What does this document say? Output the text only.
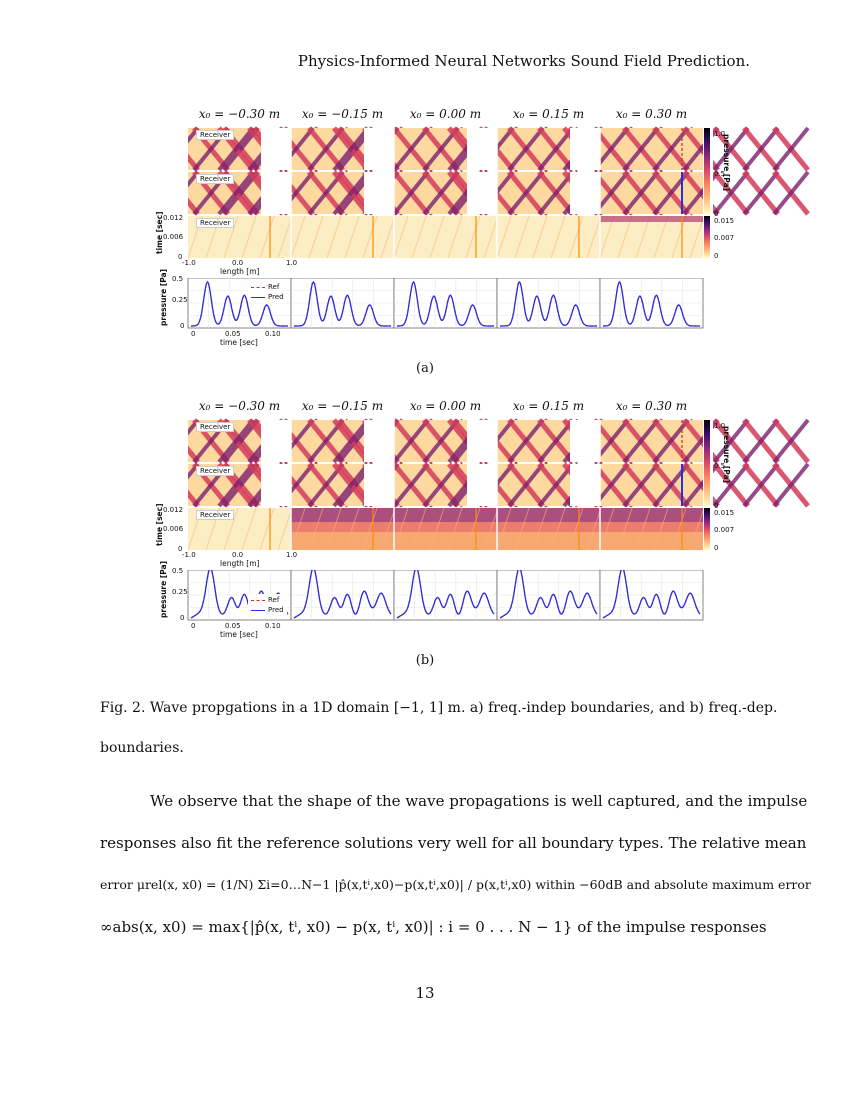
Physics-Informed Neural Networks Sound Field Prediction.
x₀ = −0.30 m x₀ = −0.15 m x₀ = 0.00 m	x₀ = 0.15 m	x₀ = 0.30 m
Receiver
Receiver
Receiver
1.0
0.5
0
pressure [Pa]
0.015
0.007
0
0.012
0.006
0
time [sec]
-1.0	0.0	1.0
length [m]
0.5
0.25
0
pressure [Pa]
0	0.05	0.10
time [sec]
Ref
Pred
(a)
x₀ = −0.30 m x₀ = −0.15 m x₀ = 0.00 m	x₀ = 0.15 m	x₀ = 0.30 m
Receiver
Receiver
Receiver
1.0
0.5
0
pressure [Pa]
0.015
0.007
0
0.012
0.006
0
time [sec]
-1.0	0.0	1.0
length [m]
0.5
0.25
0
pressure [Pa]
0	0.05	0.10
time [sec]
Ref
Pred
(b)
Fig. 2. Wave propgations in a 1D domain [−1, 1] m. a) freq.-indep boundaries, and b) freq.-dep.
boundaries.
We observe that the shape of the wave propagations is well captured, and the impulse
responses also fit the reference solutions very well for all boundary types. The relative mean
error μrel(x, x0) = (1/N) Σi=0…N−1 |p̂(x,tⁱ,x0)−p(x,tⁱ,x0)| / p(x,tⁱ,x0) within −60dB and absolute maximum error
∞abs(x, x0) = max{|p̂(x, tⁱ, x0) − p(x, tⁱ, x0)| : i = 0 . . . N − 1} of the impulse responses
13
